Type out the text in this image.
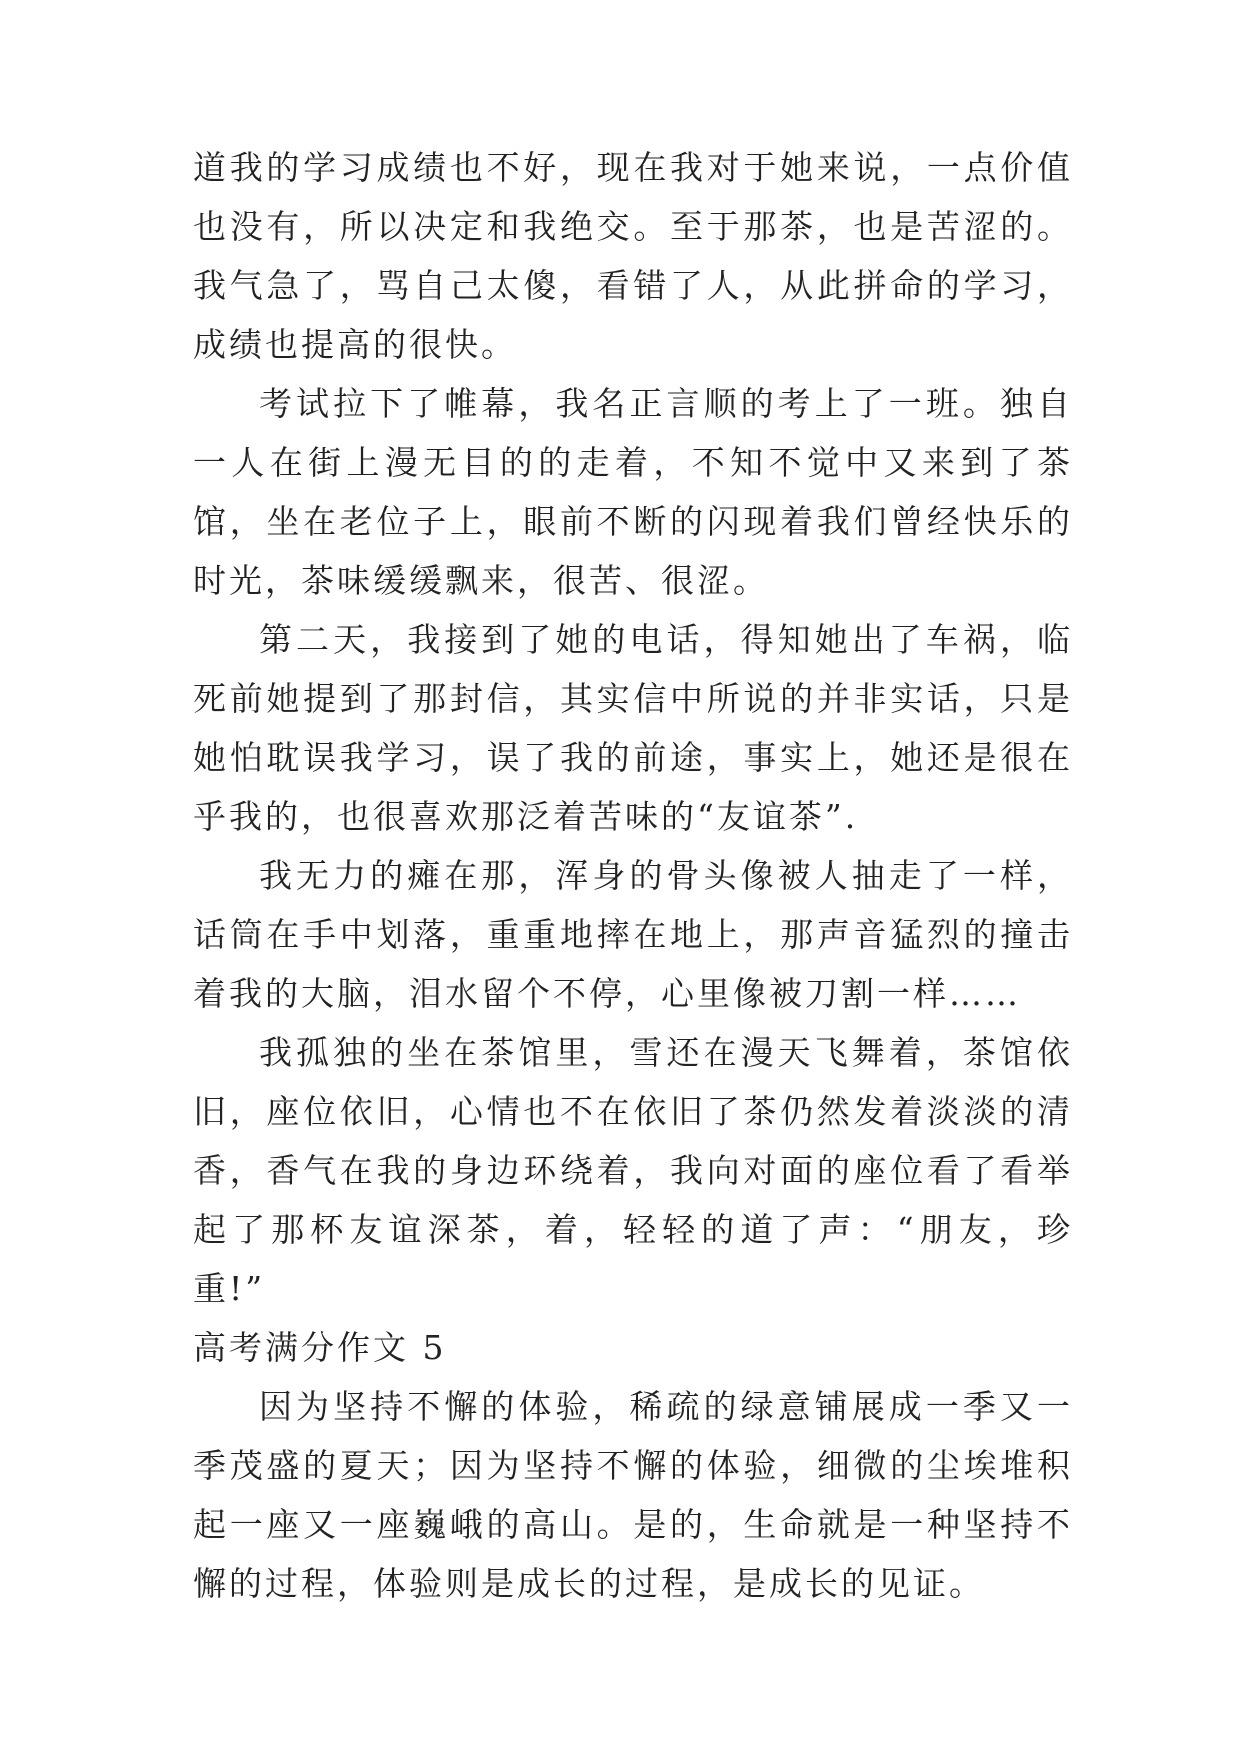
道我的学习成绩也不好，现在我对于她来说，一点价值也没有，所以决定和我绝交。至于那茶，也是苦涩的。我气急了，骂自己太傻，看错了人，从此拼命的学习，成绩也提高的很快。

考试拉下了帷幕，我名正言顺的考上了一班。独自一人在街上漫无目的的走着，不知不觉中又来到了茶馆，坐在老位子上，眼前不断的闪现着我们曾经快乐的时光，茶味缓缓飘来，很苦、很涩。

第二天，我接到了她的电话，得知她出了车祸，临死前她提到了那封信，其实信中所说的并非实话，只是她怕耽误我学习，误了我的前途，事实上，她还是很在乎我的，也很喜欢那泛着苦味的“友谊茶”.

我无力的瘫在那，浑身的骨头像被人抽走了一样，话筒在手中划落，重重地摔在地上，那声音猛烈的撞击着我的大脑，泪水留个不停，心里像被刀割一样……

我孤独的坐在茶馆里，雪还在漫天飞舞着，茶馆依旧，座位依旧，心情也不在依旧了茶仍然发着淡淡的清香，香气在我的身边环绕着，我向对面的座位看了看举起了那杯友谊深茶，着，轻轻的道了声：“朋友，珍重!”

高考满分作文 5

因为坚持不懈的体验，稀疏的绿意铺展成一季又一季茂盛的夏天；因为坚持不懈的体验，细微的尘埃堆积起一座又一座巍峨的高山。是的，生命就是一种坚持不懈的过程，体验则是成长的过程，是成长的见证。
